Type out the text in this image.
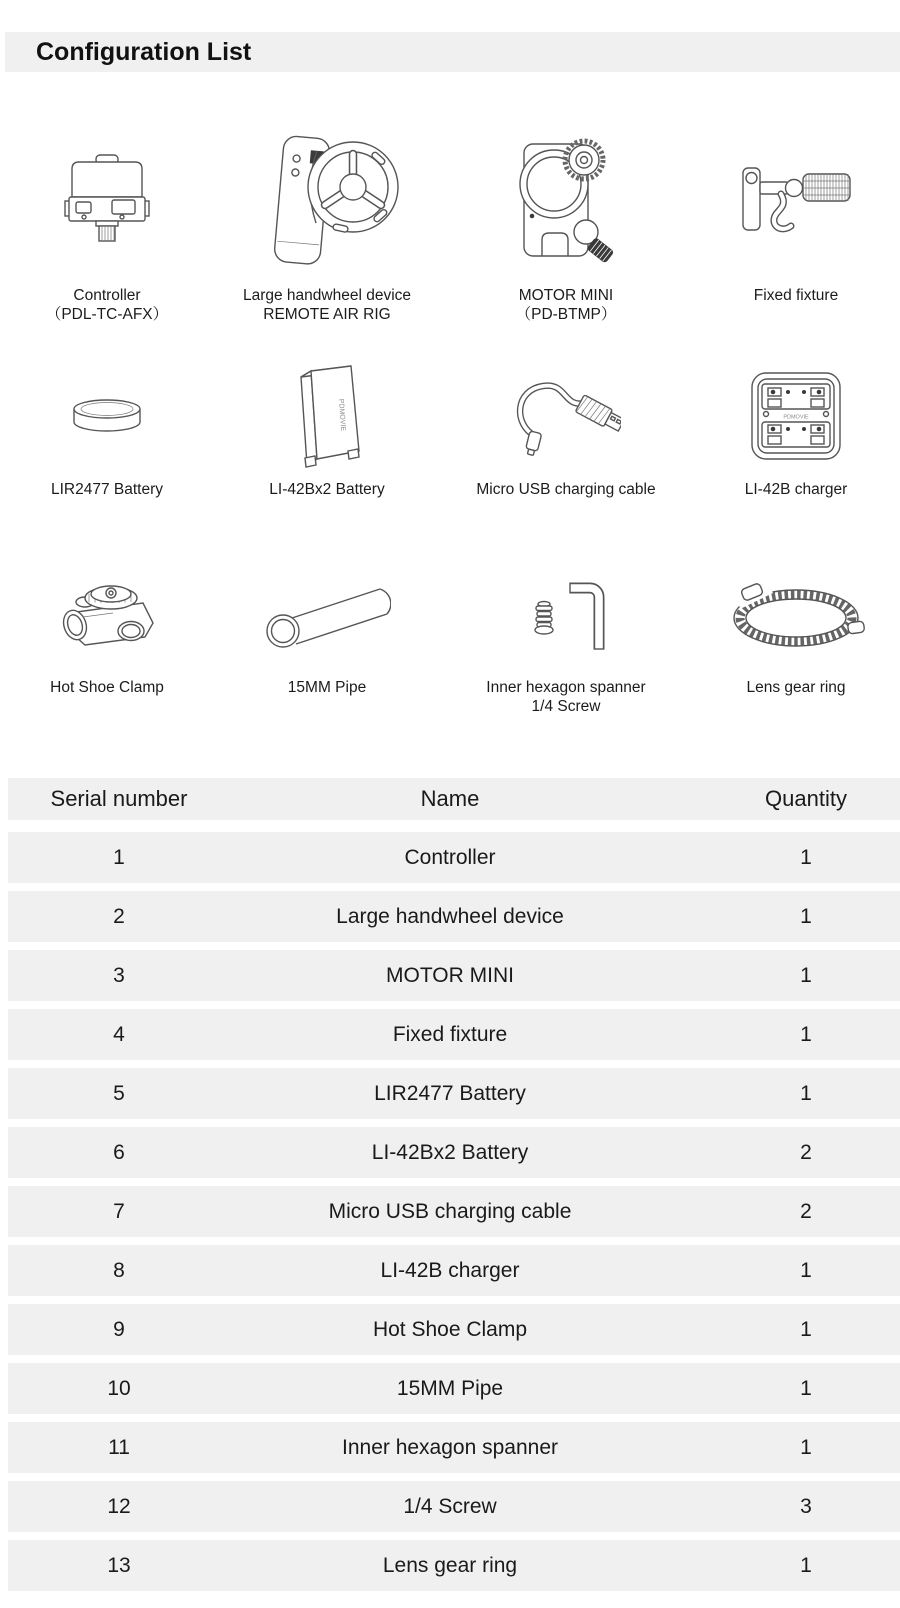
Configuration List
Controller
（PDL-TC-AFX）
Large handwheel device
REMOTE AIR RIG
MOTOR MINI
（PD-BTMP）
Fixed fixture
LIR2477 Battery
PDMOVIE
LI-42Bx2 Battery	Micro USB charging cable
PDMOVIE
LI-42B charger
Hot Shoe Clamp	15MM Pipe	Inner hexagon spanner
1/4 Screw
Lens gear ring
Serial number	Name	Quantity
1	Controller	1
2	Large handwheel device	1
3	MOTOR MINI	1
4	Fixed fixture	1
5	LIR2477 Battery	1
6	LI-42Bx2 Battery	2
7	Micro USB charging cable	2
8	LI-42B charger	1
9	Hot Shoe Clamp	1
10	15MM Pipe	1
11	Inner hexagon spanner	1
12	1/4 Screw	3
13	Lens gear ring	1
